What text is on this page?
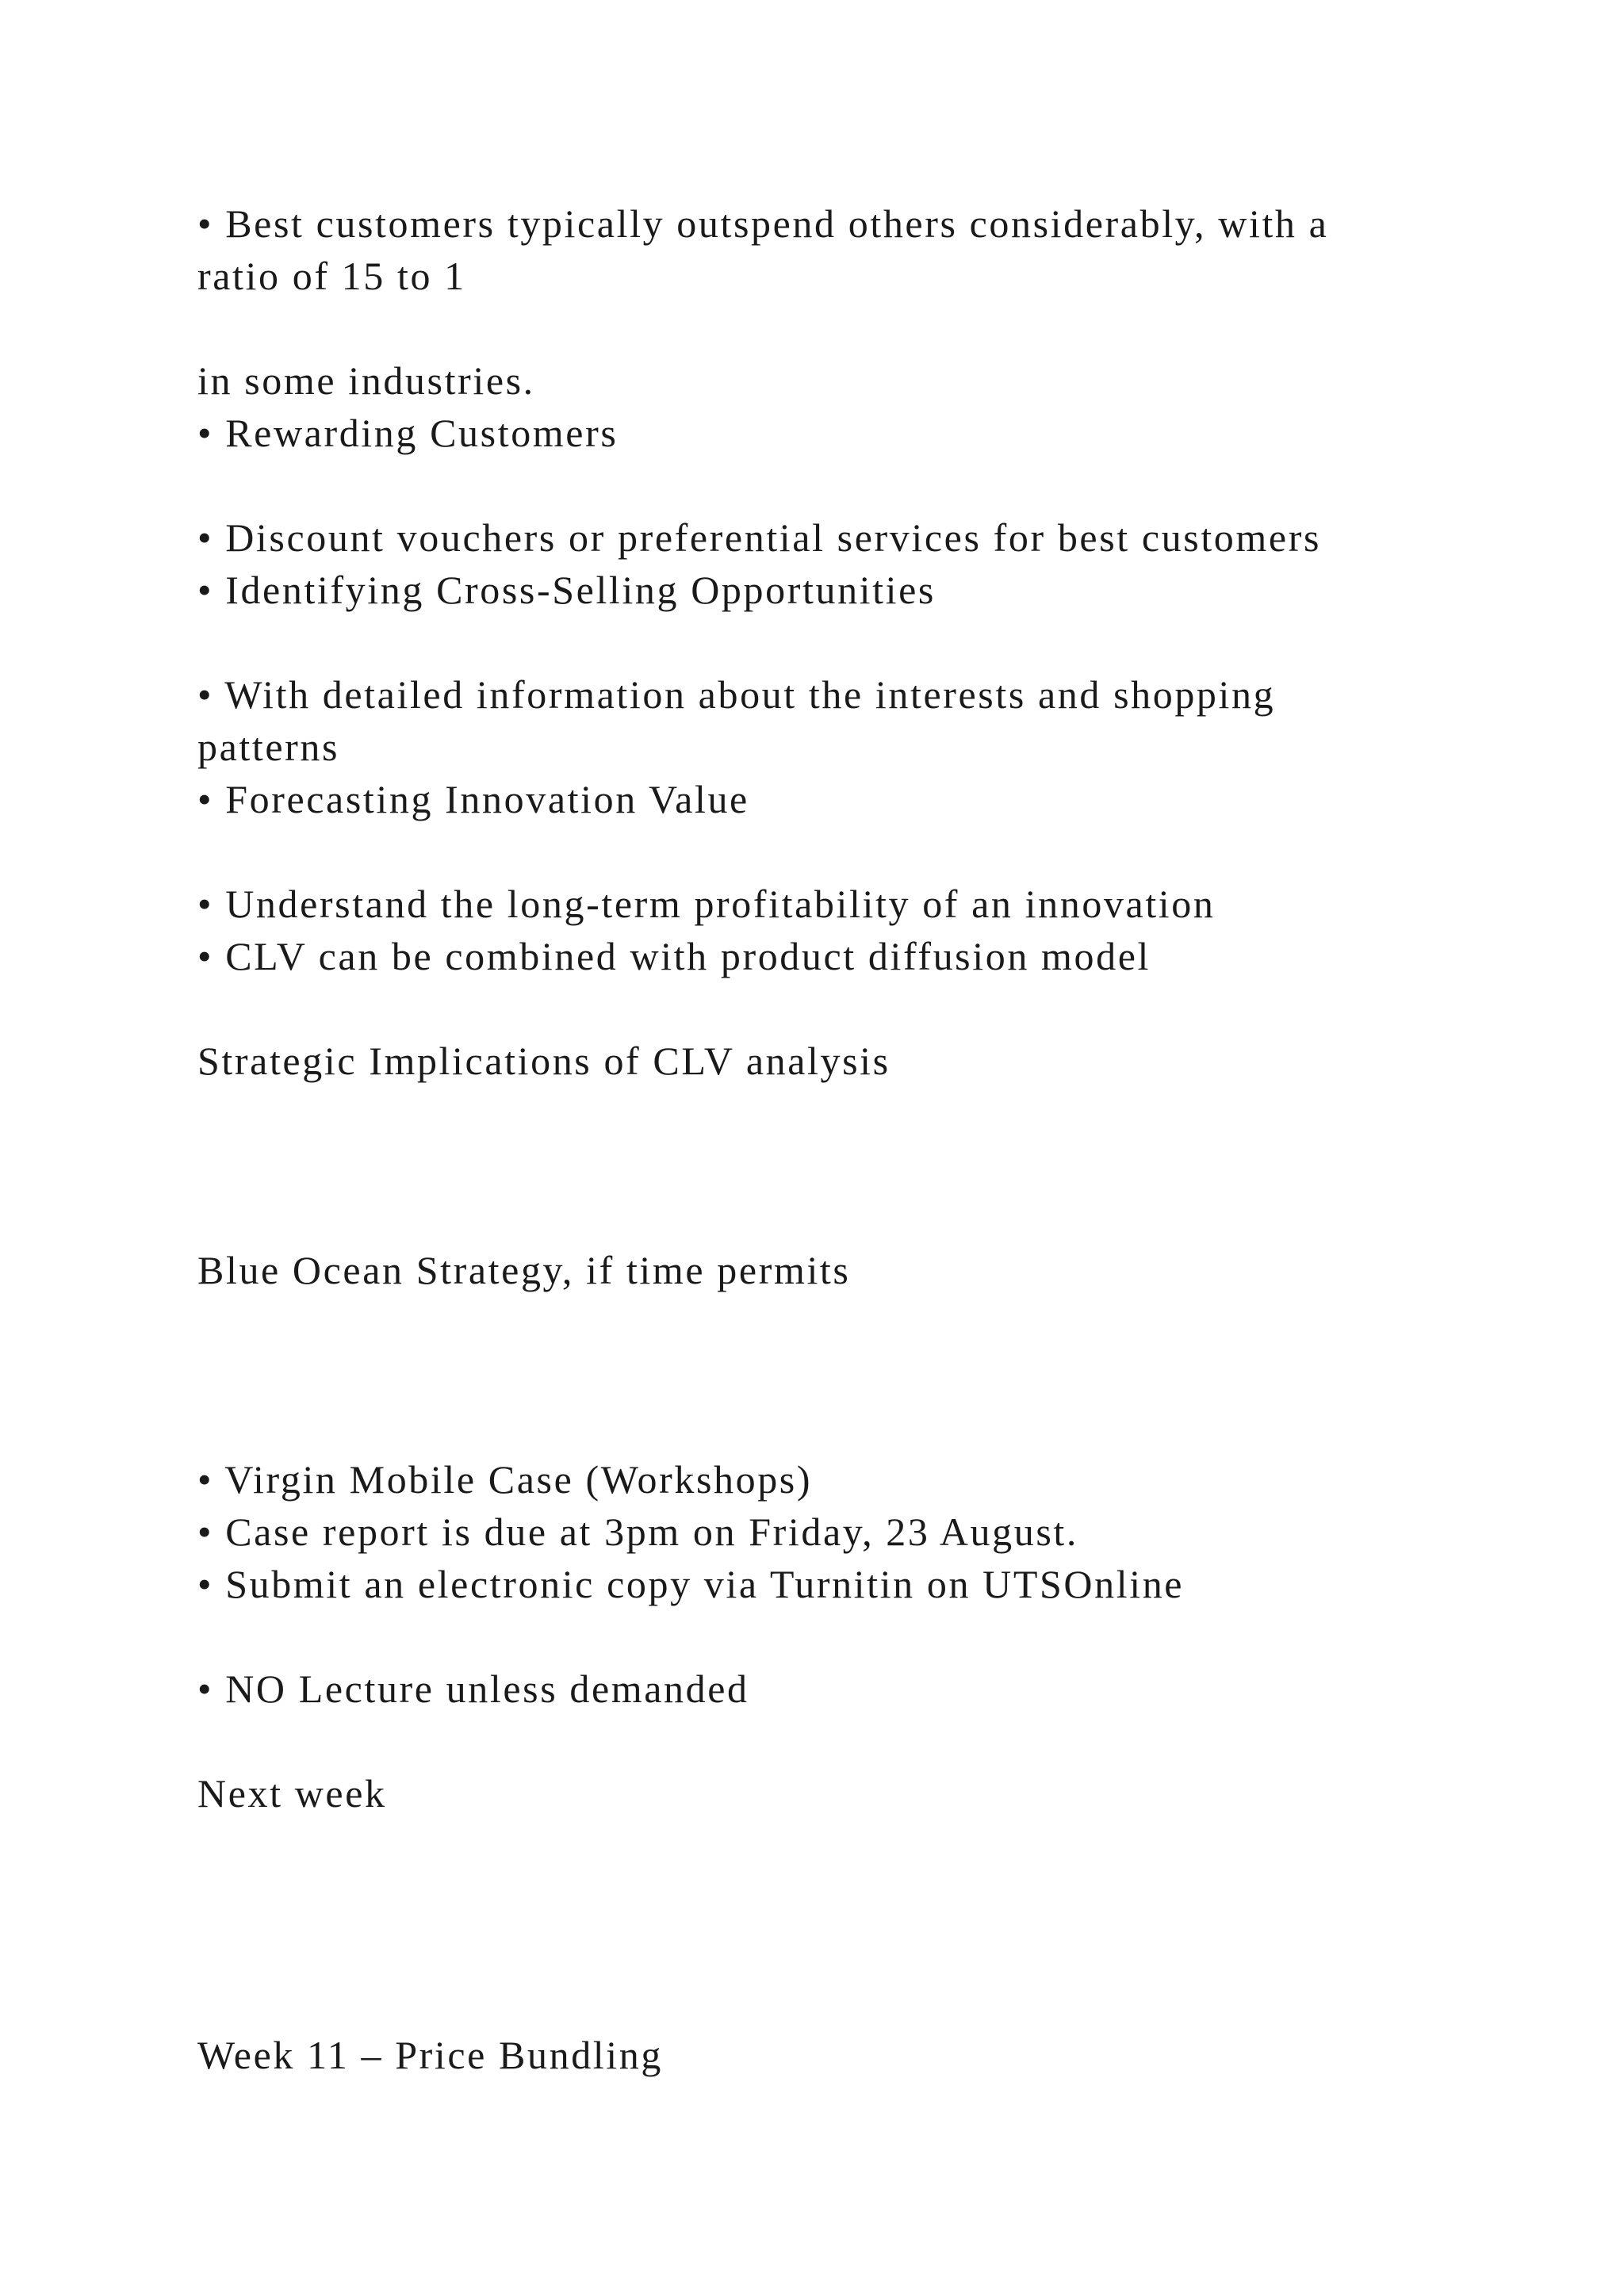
• Best customers typically outspend others considerably, with a

ratio of 15 to 1

in some industries.

• Rewarding Customers

• Discount vouchers or preferential services for best customers

• Identifying Cross-Selling Opportunities

• With detailed information about the interests and shopping

patterns

• Forecasting Innovation Value

• Understand the long-term profitability of an innovation

• CLV can be combined with product diffusion model

Strategic Implications of CLV analysis

Blue Ocean Strategy, if time permits

• Virgin Mobile Case (Workshops)

• Case report is due at 3pm on Friday, 23 August.

• Submit an electronic copy via Turnitin on UTSOnline

• NO Lecture unless demanded

Next week

Week 11 – Price Bundling
